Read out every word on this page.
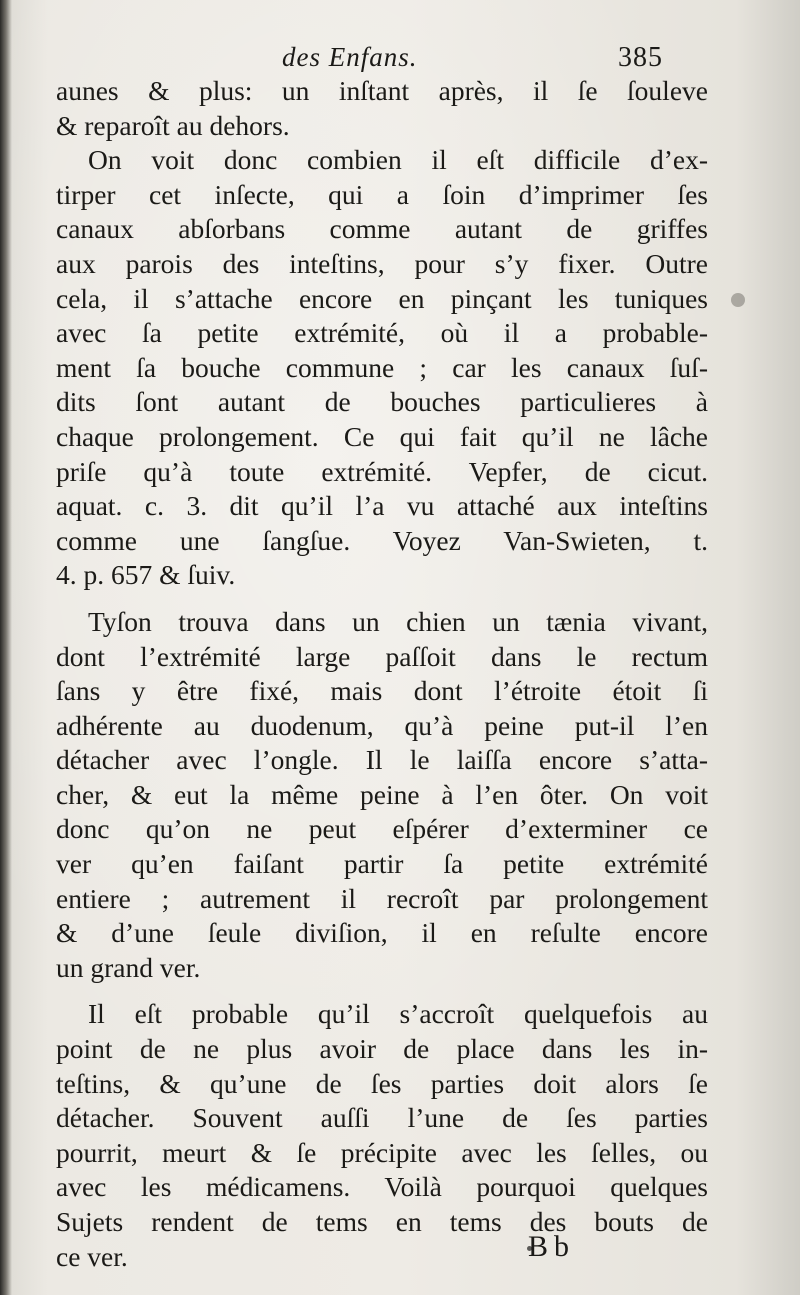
des Enfans.	385
aunes & plus: un inſtant après, il ſe ſouleve
& reparoît au dehors.
On voit donc combien il eſt difficile d’ex-
tirper cet inſecte, qui a ſoin d’imprimer ſes
canaux abſorbans comme autant de griffes
aux parois des inteſtins, pour s’y fixer. Outre
cela, il s’attache encore en pinçant les tuniques
avec ſa petite extrémité, où il a probable-
ment ſa bouche commune ; car les canaux ſuſ-
dits ſont autant de bouches particulieres à
chaque prolongement. Ce qui fait qu’il ne lâche
priſe qu’à toute extrémité. Vepfer, de cicut.
aquat. c. 3. dit qu’il l’a vu attaché aux inteſtins
comme une ſangſue. Voyez Van-Swieten, t.
4. p. 657 & ſuiv.
Tyſon trouva dans un chien un tænia vivant,
dont l’extrémité large paſſoit dans le rectum
ſans y être fixé, mais dont l’étroite étoit ſi
adhérente au duodenum, qu’à peine put-il l’en
détacher avec l’ongle. Il le laiſſa encore s’atta-
cher, & eut la même peine à l’en ôter. On voit
donc qu’on ne peut eſpérer d’exterminer ce
ver qu’en faiſant partir ſa petite extrémité
entiere ; autrement il recroît par prolongement
& d’une ſeule diviſion, il en reſulte encore
un grand ver.
Il eſt probable qu’il s’accroît quelquefois au
point de ne plus avoir de place dans les in-
teſtins, & qu’une de ſes parties doit alors ſe
détacher. Souvent auſſi l’une de ſes parties
pourrit, meurt & ſe précipite avec les ſelles, ou
avec les médicamens. Voilà pourquoi quelques
Sujets rendent de tems en tems des bouts de
ce ver.	Bb
